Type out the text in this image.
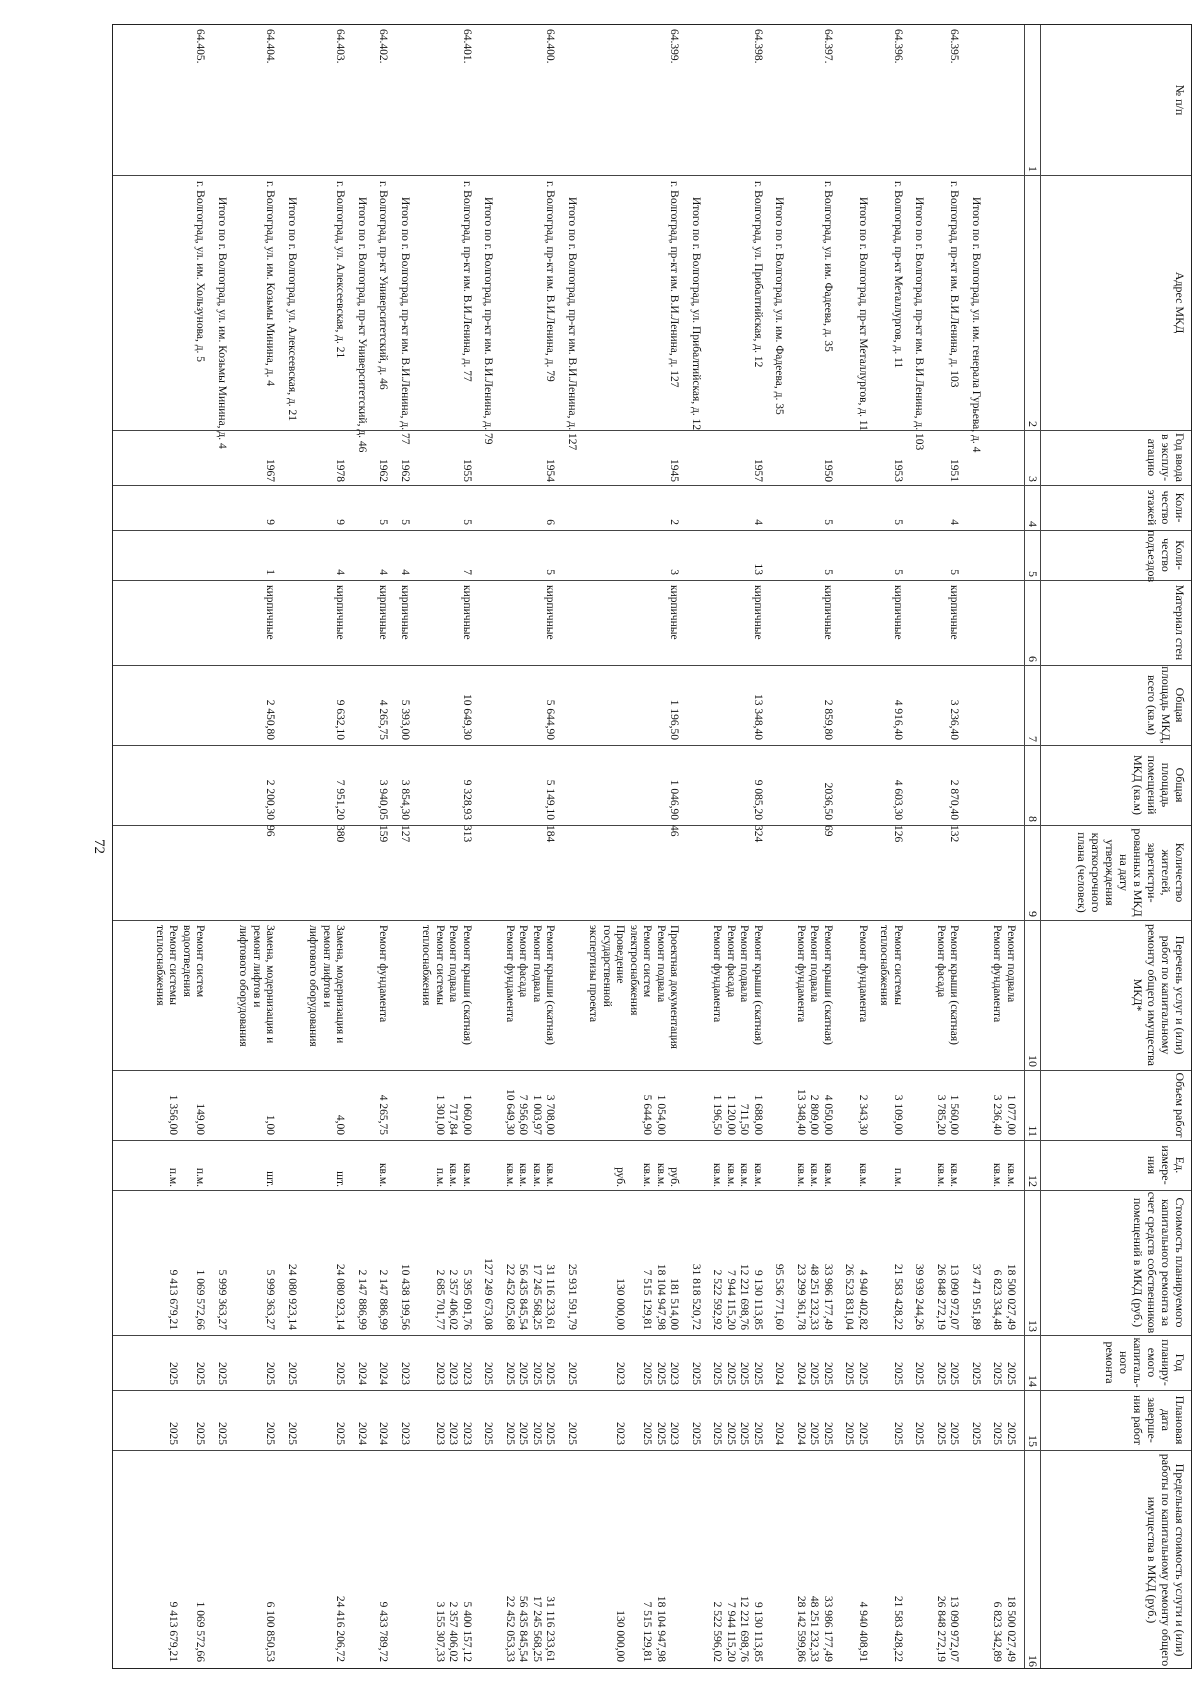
№ п/п
Адрес МКД
Год ввода в эксплу-атацию
Коли-чество этажей
Коли-чество подъездов
Материал стен
Общая площадь МКД, всего (кв.м)
Общая площадь помещений МКД (кв.м)
Количество жителей, зарегистри-рованных в МКД на дату утверждения краткосрочного плана (человек)
Перечень услуг и (или) работ по капитальному ремонту общего имущества МКД*
Объем работ
Ед. измере-ния
Стоимость планируемого капитального ремонта за счет средств собственников помещений в МКД (руб.)
Год планиру-емого капиталь-ного ремонта
Плановая дата заверше-ния работ
Предельная стоимость услуги и (или) работы по капитальному ремонту общего имущества в МКД (руб.)
1
2
3
4
5
6
7
8
9
10
11
12
13
14
15
16
Ремонт подвала
Ремонт фундамента
1 077,00
3 236,40
кв.м.
кв.м.
18 500 027,49
6 823 334,48
2025
2025
2025
2025
18 500 027,49
6 823 342,89
Итого по г. Волгоград, ул. им. генерала Гурьева, д. 4
37 471 951,89
2025
2025
64.395.
г. Волгоград, пр-кт им. В.И.Ленина, д. 103
1951
4
5
кирпичные
3 236,40
2 870,40
132
Ремонт крыши (скатная)
Ремонт фасада
1 560,00
3 785,20
кв.м.
кв.м.
13 090 972,07
26 848 272,19
2025
2025
2025
2025
13 090 972,07
26 848 272,19
Итого по г. Волгоград, пр-кт им. В.И.Ленина, д. 103
39 939 244,26
2025
2025
64.396.
г. Волгоград, пр-кт Металлургов, д. 11
1953
5
5
кирпичные
4 916,40
4 603,30
126
Ремонт системы
теплоснабжения
3 109,00
п.м.
21 583 428,22
2025
2025
21 583 428,22
Итого по г. Волгоград, пр-кт Металлургов, д. 11
Ремонт фундамента
2 343,30
кв.м.
4 940 402,82
26 523 831,04
2025
2025
2025
2025
4 940 408,91
64.397.
г. Волгоград, ул. им. Фадеева, д. 35
1950
5
5
кирпичные
2 859,80
2036,50
69
Ремонт крыши (скатная)
Ремонт подвала
Ремонт фундамента
4 050,00
2 809,00
13 348,40
кв.м.
кв.м.
кв.м.
33 986 177,49
48 251 232,33
23 299 361,78
2025
2025
2024
2025
2025
2024
33 986 177,49
48 251 232,33
28 142 599,86
Итого по г. Волгоград, ул. им. Фадеева, д. 35
95 536 771,60
2024
2024
64.398.
г. Волгоград, ул. Прибалтийская, д. 12
1957
4
13
кирпичные
13 348,40
9 085,20
324
Ремонт крыши (скатная)
Ремонт подвала
Ремонт фасада
Ремонт фундамента
1 688,00
711,50
1 120,00
1 196,50
кв.м.
кв.м.
кв.м.
кв.м.
9 130 113,85
12 221 698,76
7 944 115,20
2 522 592,92
2025
2025
2025
2025
2025
2025
2025
2025
9 130 113,85
12 221 698,76
7 944 115,20
2 522 596,02
Итого по г. Волгоград, ул. Прибалтийская, д. 12
31 818 520,72
2025
2025
64.399.
г. Волгоград, пр-кт им. В.И.Ленина, д. 127
1945
2
3
кирпичные
1 196,50
1 046,90
46
Проектная документация
Ремонт подвала
Ремонт систем
электроснабжения
Проведение
государственной
экспертизы проекта
1 054,00
5 644,90
руб.
кв.м.
кв.м.
руб.
181 514,00
18 104 947,98
7 515 129,81
130 000,00
2023
2025
2025
2023
2023
2025
2025
2023
18 104 947,98
7 515 129,81
130 000,00
Итого по г. Волгоград, пр-кт им. В.И.Ленина, д. 127
25 931 591,79
2025
2025
64.400.
г. Волгоград, пр-кт им. В.И.Ленина, д. 79
1954
6
5
кирпичные
5 644,90
5 149,10
184
Ремонт крыши (скатная)
Ремонт подвала
Ремонт фасада
Ремонт фундамента
3 708,00
1 003,97
7 956,60
10 649,30
кв.м.
кв.м.
кв.м.
кв.м.
31 116 233,61
17 245 568,25
56 435 845,54
22 452 025,68
2025
2025
2025
2025
2025
2025
2025
2025
31 116 233,61
17 245 568,25
56 435 845,54
22 452 053,33
Итого по г. Волгоград, пр-кт им. В.И.Ленина, д. 79
127 249 673,08
2025
2025
64.401.
г. Волгоград, пр-кт им. В.И.Ленина, д. 77
1955
5
7
кирпичные
10 649,30
9 328,93
313
Ремонт крыши (скатная)
Ремонт подвала
Ремонт системы
теплоснабжения
1 060,00
717,84
1 301,00
кв.м.
кв.м.
п.м.
5 395 091,76
2 357 406,02
2 685 701,77
2023
2023
2023
2023
2023
2023
5 400 157,12
2 357 406,02
3 155 307,33
Итого по г. Волгоград, пр-кт им. В.И.Ленина, д. 77
1962
5
4
кирпичные
5 393,00
3 854,30
127
10 438 199,56
2023
2023
64.402.
г. Волгоград, пр-кт Университетский, д. 46
1962
5
4
кирпичные
4 265,75
3 940,05
159
Ремонт фундамента
4 265,75
кв.м.
2 147 886,99
2024
2024
9 433 789,72
Итого по г. Волгоград, пр-кт Университетский, д. 46
2 147 886,99
2024
2024
64.403.
г. Волгоград, ул. Алексеевская, д. 21
1978
9
4
кирпичные
9 632,10
7 951,20
380
Замена, модернизация и
ремонт лифтов и
лифтового оборудования
4,00
шт.
24 080 923,14
2025
2025
24 416 206,72
Итого по г. Волгоград, ул. Алексеевская, д. 21
24 080 923,14
2025
2025
64.404.
г. Волгоград, ул. им. Козьмы Минина, д. 4
1967
9
1
кирпичные
2 450,80
2 200,30
96
Замена, модернизация и
ремонт лифтов и
лифтового оборудования
1,00
шт.
5 999 363,27
2025
2025
6 100 850,53
Итого по г. Волгоград, ул. им. Козьмы Минина, д. 4
5 999 363,27
2025
2025
64.405.
г. Волгоград, ул. им. Хользунова, д. 5
Ремонт систем
водоотведения
Ремонт системы
теплоснабжения
149,00
1 356,00
п.м.
п.м.
1 069 572,66
9 413 679,21
2025
2025
2025
2025
1 069 572,66
9 413 679,21
72
